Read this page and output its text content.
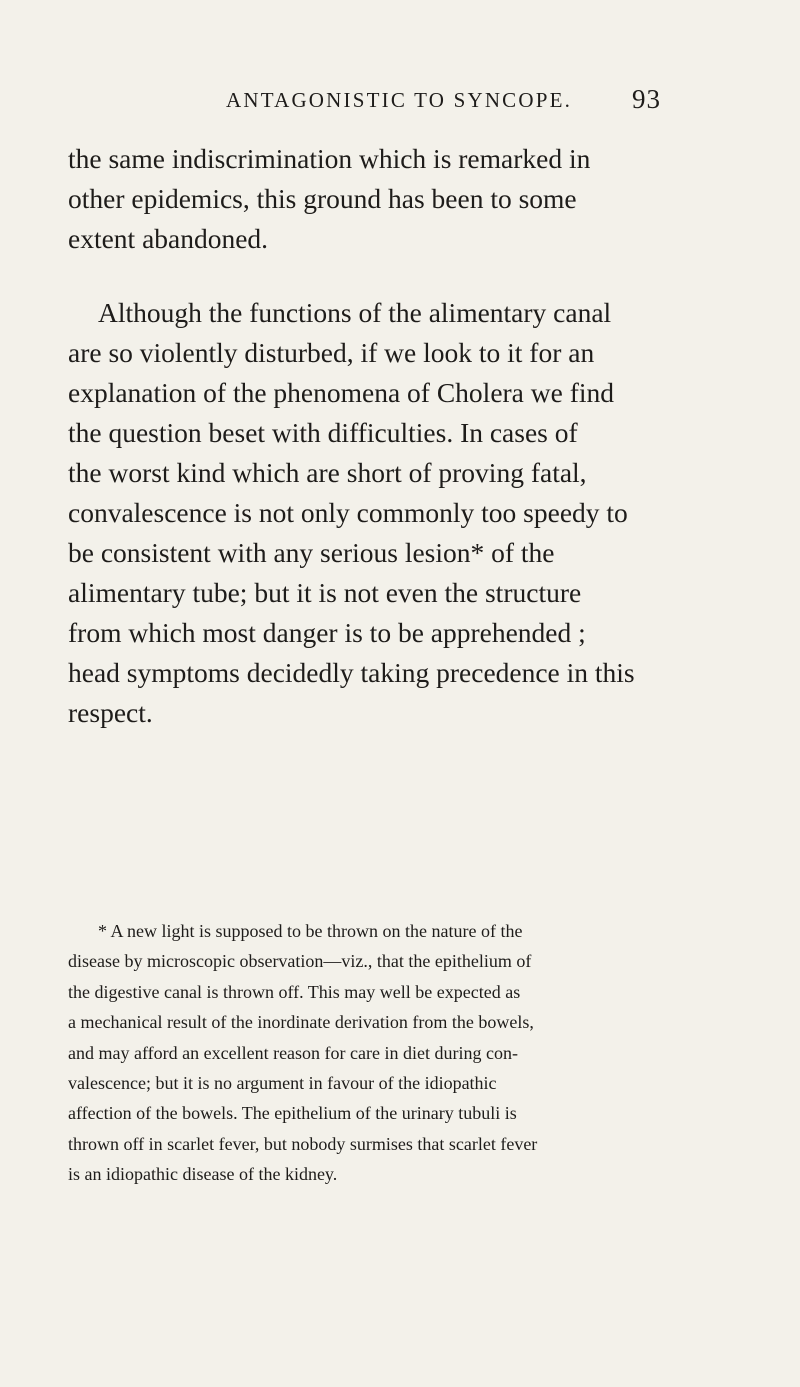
ANTAGONISTIC TO SYNCOPE. 93

the same indiscrimination which is remarked in
other epidemics, this ground has been to some
extent abandoned.

Although the functions of the alimentary canal
are so violently disturbed, if we look to it for an
explanation of the phenomena of Cholera we find
the question beset with difficulties. In cases of
the worst kind which are short of proving fatal,
convalescence is not only commonly too speedy to
be consistent with any serious lesion* of the
alimentary tube; but it is not even the structure
from which most danger is to be apprehended ;
head symptoms decidedly taking precedence in this
respect.

* A new light is supposed to be thrown on the nature of the
disease by microscopic observation—viz., that the epithelium of
the digestive canal is thrown off. This may well be expected as
a mechanical result of the inordinate derivation from the bowels,
and may afford an excellent reason for care in diet during con-
valescence; but it is no argument in favour of the idiopathic
affection of the bowels. The epithelium of the urinary tubuli is
thrown off in scarlet fever, but nobody surmises that scarlet fever
is an idiopathic disease of the kidney.
